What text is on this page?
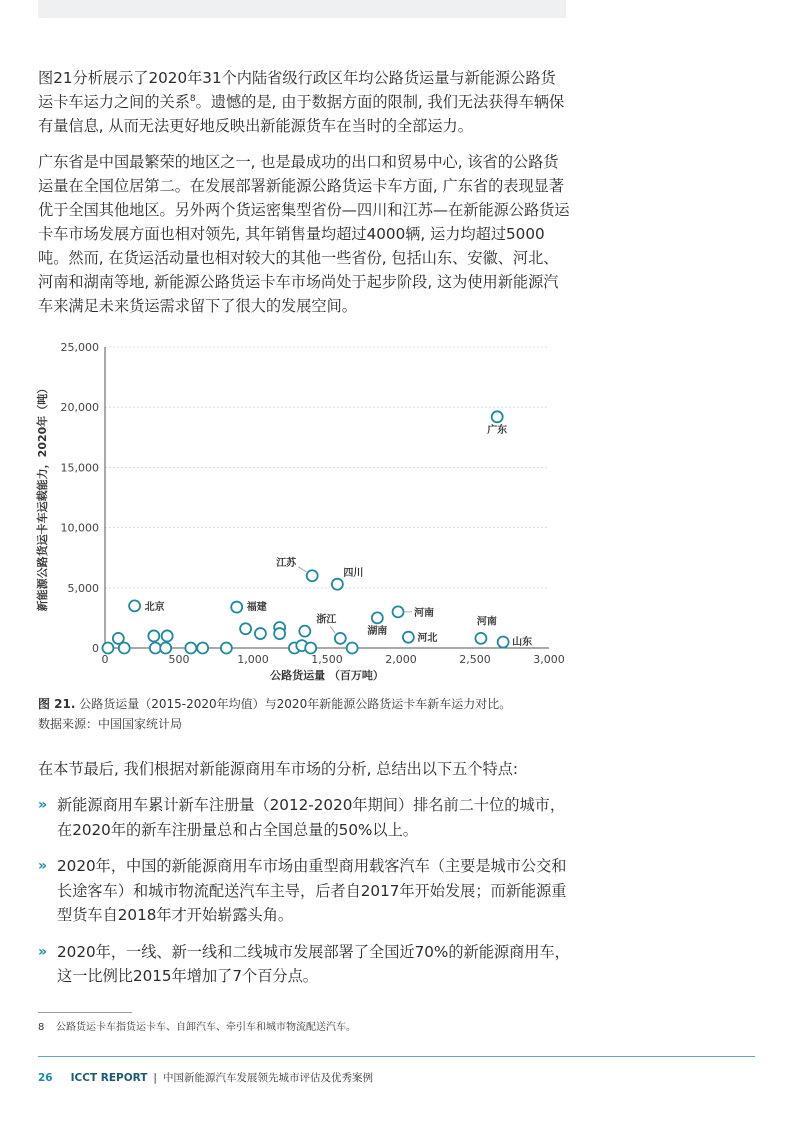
图21分析展示了2020年31个内陆省级行政区年均公路货运量与新能源公路货运卡车运力之间的关系$^8$。遗憾的是, 由于数据方面的限制, 我们无法获得车辆保有量信息, 从而无法更好地反映出新能源货车在当时的全部运力。

广东省是中国最繁荣的地区之一, 也是最成功的出口和贸易中心, 该省的公路货运量在全国位居第二。在发展部署新能源公路货运卡车方面, 广东省的表现显著优于全国其他地区。另外两个货运密集型省份—四川和江苏—在新能源公路货运卡车市场发展方面也相对领先, 其年销售量均超过4000辆, 运力均超过5000吨。然而, 在货运活动量也相对较大的其他一些省份, 包括山东、安徽、河北、河南和湖南等地, 新能源公路货运卡车市场尚处于起步阶段, 这为使用新能源汽车来满足未来货运需求留下了很大的发展空间。

新能源公路货运卡车运载能力，2020年（吨）
0
5,000
10,000
15,000
20,000
25,000
0	500	1,000	1,500	2,000	2,500	3,000
广东
江苏
四川
北京	福建
河南
湖南
河北
河南
山东
浙江
公路货运量 （百万吨）
图 21. 公路货运量（2015-2020年均值）与2020年新能源公路货运卡车新车运力对比。
数据来源：中国国家统计局

在本节最后, 我们根据对新能源商用车市场的分析, 总结出以下五个特点:

» 新能源商用车累计新车注册量（2012-2020年期间）排名前二十位的城市，在2020年的新车注册量总和占全国总量的50%以上。
» 2020年，中国的新能源商用车市场由重型商用载客汽车（主要是城市公交和长途客车）和城市物流配送汽车主导，后者自2017年开始发展；而新能源重型货车自2018年才开始崭露头角。
» 2020年，一线、新一线和二线城市发展部署了全国近70%的新能源商用车，这一比例比2015年增加了7个百分点。
8 公路货运卡车指货运卡车、自卸汽车、牵引车和城市物流配送汽车。
26 ICCT REPORT | 中国新能源汽车发展领先城市评估及优秀案例
